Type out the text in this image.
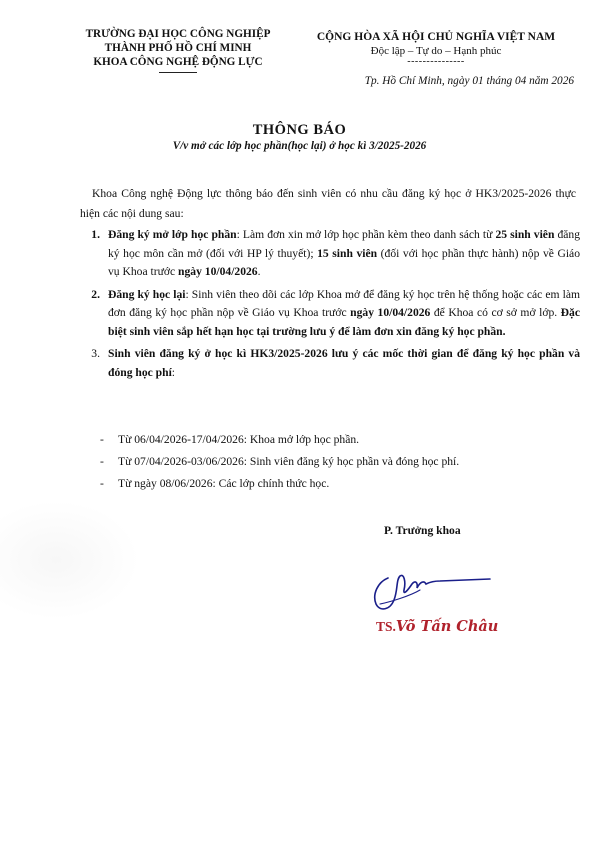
TRƯỜNG ĐẠI HỌC CÔNG NGHIỆP
THÀNH PHỐ HỒ CHÍ MINH
KHOA CÔNG NGHỆ ĐỘNG LỰC
CỘNG HÒA XÃ HỘI CHỦ NGHĨA VIỆT NAM
Độc lập – Tự do – Hạnh phúc
---------------
Tp. Hồ Chí Minh, ngày 01 tháng 04 năm 2026
THÔNG BÁO
V/v mở các lớp học phần(học lại) ở học kì 3/2025-2026
Khoa Công nghệ Động lực thông báo đến sinh viên có nhu cầu đăng ký học ở HK3/2025-2026 thực hiện các nội dung sau:
1. Đăng ký mở lớp học phần: Làm đơn xin mở lớp học phần kèm theo danh sách từ 25 sinh viên đăng ký học môn cần mở (đối với HP lý thuyết); 15 sinh viên (đối với học phần thực hành) nộp về Giáo vụ Khoa trước ngày 10/04/2026.
2. Đăng ký học lại: Sinh viên theo dõi các lớp Khoa mở để đăng ký học trên hệ thống hoặc các em làm đơn đăng ký học phần nộp về Giáo vụ Khoa trước ngày 10/04/2026 để Khoa có cơ sở mở lớp. Đặc biệt sinh viên sắp hết hạn học tại trường lưu ý để làm đơn xin đăng ký học phần.
3. Sinh viên đăng ký ở học kì HK3/2025-2026 lưu ý các mốc thời gian để đăng ký học phần và đóng học phí:
- Từ 06/04/2026-17/04/2026: Khoa mở lớp học phần.
- Từ 07/04/2026-03/06/2026: Sinh viên đăng ký học phần và đóng học phí.
- Từ ngày 08/06/2026: Các lớp chính thức học.
P. Trưởng khoa
TS.Võ Tấn Châu
